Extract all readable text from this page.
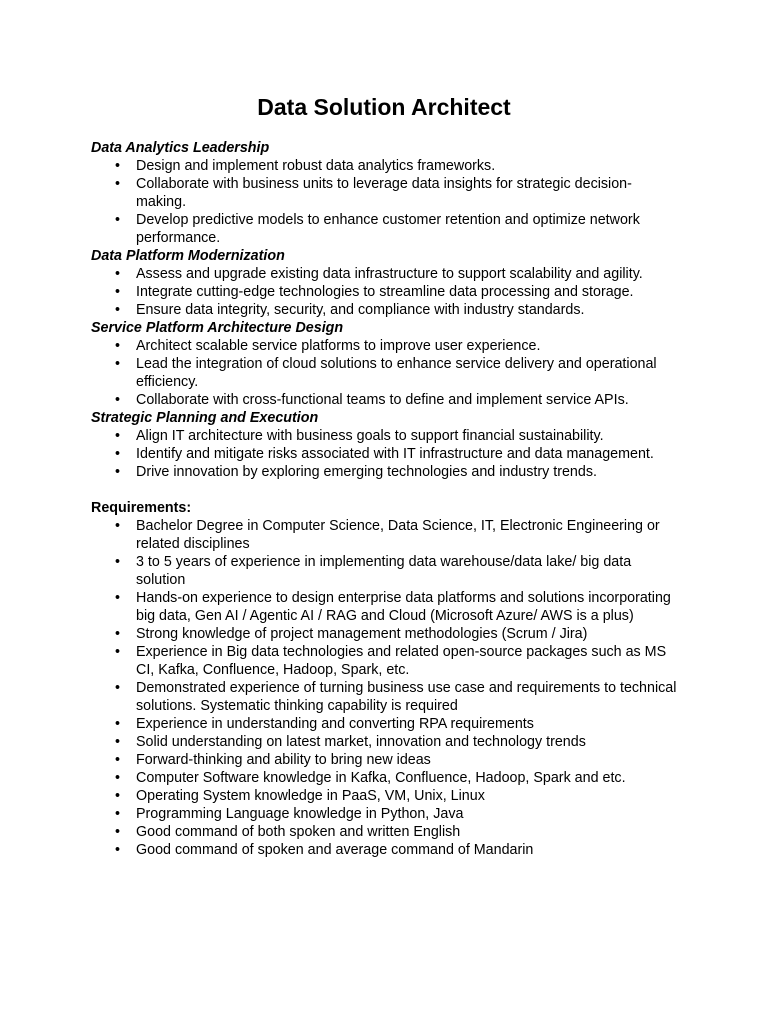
Data Solution Architect
Data Analytics Leadership
• Design and implement robust data analytics frameworks.
• Collaborate with business units to leverage data insights for strategic decision-making.
• Develop predictive models to enhance customer retention and optimize network performance.
Data Platform Modernization
• Assess and upgrade existing data infrastructure to support scalability and agility.
• Integrate cutting-edge technologies to streamline data processing and storage.
• Ensure data integrity, security, and compliance with industry standards.
Service Platform Architecture Design
• Architect scalable service platforms to improve user experience.
• Lead the integration of cloud solutions to enhance service delivery and operational efficiency.
• Collaborate with cross-functional teams to define and implement service APIs.
Strategic Planning and Execution
• Align IT architecture with business goals to support financial sustainability.
• Identify and mitigate risks associated with IT infrastructure and data management.
• Drive innovation by exploring emerging technologies and industry trends.
Requirements:
• Bachelor Degree in Computer Science, Data Science, IT, Electronic Engineering or related disciplines
• 3 to 5 years of experience in implementing data warehouse/data lake/ big data solution
• Hands-on experience to design enterprise data platforms and solutions incorporating big data, Gen AI / Agentic AI / RAG and Cloud (Microsoft Azure/ AWS is a plus)
• Strong knowledge of project management methodologies (Scrum / Jira)
• Experience in Big data technologies and related open-source packages such as MS CI, Kafka, Confluence, Hadoop, Spark, etc.
• Demonstrated experience of turning business use case and requirements to technical solutions. Systematic thinking capability is required
• Experience in understanding and converting RPA requirements
• Solid understanding on latest market, innovation and technology trends
• Forward-thinking and ability to bring new ideas
• Computer Software knowledge in Kafka, Confluence, Hadoop, Spark and etc.
• Operating System knowledge in PaaS, VM, Unix, Linux
• Programming Language knowledge in Python, Java
• Good command of both spoken and written English
• Good command of spoken and average command of Mandarin
